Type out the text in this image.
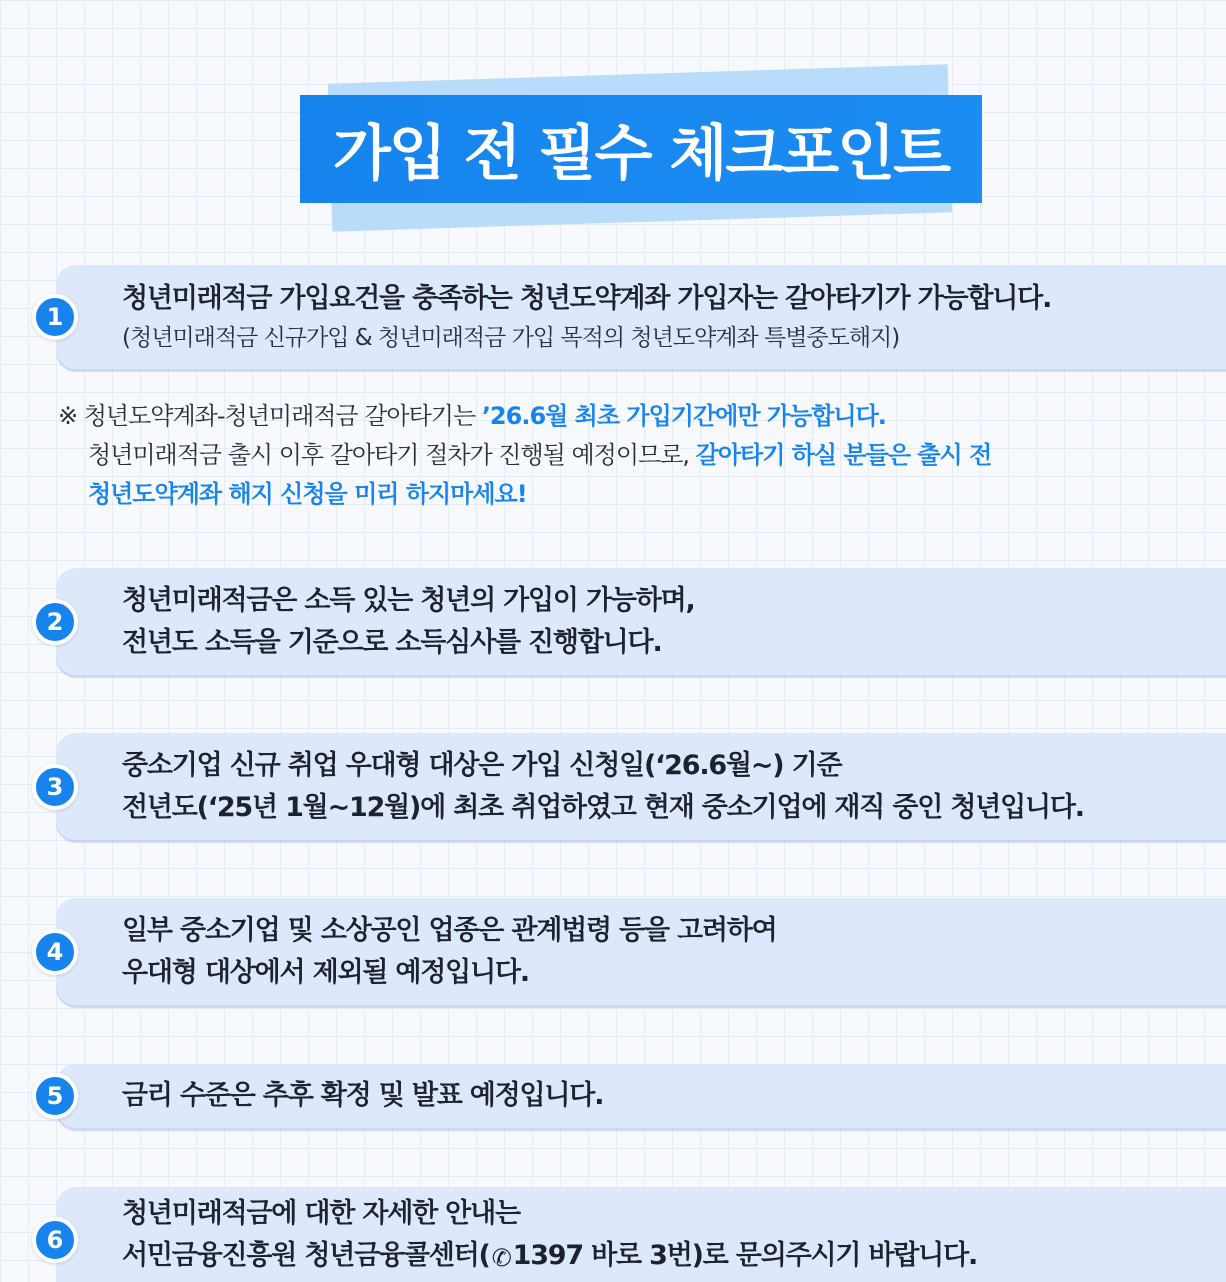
가입 전 필수 체크포인트
1
청년미래적금 가입요건을 충족하는 청년도약계좌 가입자는 갈아타기가 가능합니다.
(청년미래적금 신규가입 & 청년미래적금 가입 목적의 청년도약계좌 특별중도해지)
※ 청년도약계좌-청년미래적금 갈아타기는 ’26.6월 최초 가입기간에만 가능합니다.
청년미래적금 출시 이후 갈아타기 절차가 진행될 예정이므로, 갈아타기 하실 분들은 출시 전
청년도약계좌 해지 신청을 미리 하지마세요!
2
청년미래적금은 소득 있는 청년의 가입이 가능하며,
전년도 소득을 기준으로 소득심사를 진행합니다.
3
중소기업 신규 취업 우대형 대상은 가입 신청일(‘26.6월~) 기준
전년도(‘25년 1월~12월)에 최초 취업하였고 현재 중소기업에 재직 중인 청년입니다.
4
일부 중소기업 및 소상공인 업종은 관계법령 등을 고려하여
우대형 대상에서 제외될 예정입니다.
5	금리 수준은 추후 확정 및 발표 예정입니다.
6
청년미래적금에 대한 자세한 안내는
서민금융진흥원 청년금융콜센터(✆1397 바로 3번)로 문의주시기 바랍니다.
